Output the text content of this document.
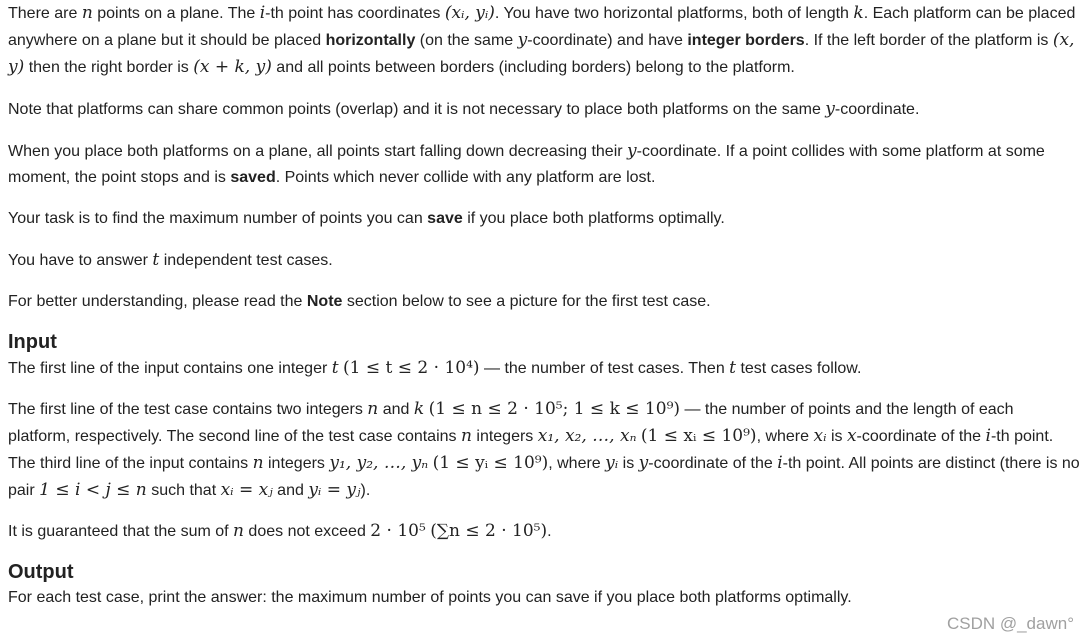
There are n points on a plane. The i-th point has coordinates (xᵢ, yᵢ). You have two horizontal platforms, both of length k. Each platform can be placed anywhere on a plane but it should be placed horizontally (on the same y-coordinate) and have integer borders. If the left border of the platform is (x, y) then the right border is (x + k, y) and all points between borders (including borders) belong to the platform.

Note that platforms can share common points (overlap) and it is not necessary to place both platforms on the same y-coordinate.

When you place both platforms on a plane, all points start falling down decreasing their y-coordinate. If a point collides with some platform at some moment, the point stops and is saved. Points which never collide with any platform are lost.

Your task is to find the maximum number of points you can save if you place both platforms optimally.

You have to answer t independent test cases.

For better understanding, please read the Note section below to see a picture for the first test case.

Input

The first line of the input contains one integer t (1 ≤ t ≤ 2 · 10⁴) — the number of test cases. Then t test cases follow.

The first line of the test case contains two integers n and k (1 ≤ n ≤ 2 · 10⁵; 1 ≤ k ≤ 10⁹) — the number of points and the length of each platform, respectively. The second line of the test case contains n integers x₁, x₂, …, xₙ (1 ≤ xᵢ ≤ 10⁹), where xᵢ is x-coordinate of the i-th point. The third line of the input contains n integers y₁, y₂, …, yₙ (1 ≤ yᵢ ≤ 10⁹), where yᵢ is y-coordinate of the i-th point. All points are distinct (there is no pair 1 ≤ i < j ≤ n such that xᵢ = xⱼ and yᵢ = yⱼ).

It is guaranteed that the sum of n does not exceed 2 · 10⁵ (∑n ≤ 2 · 10⁵).

Output

For each test case, print the answer: the maximum number of points you can save if you place both platforms optimally.

CSDN @_dawn°
